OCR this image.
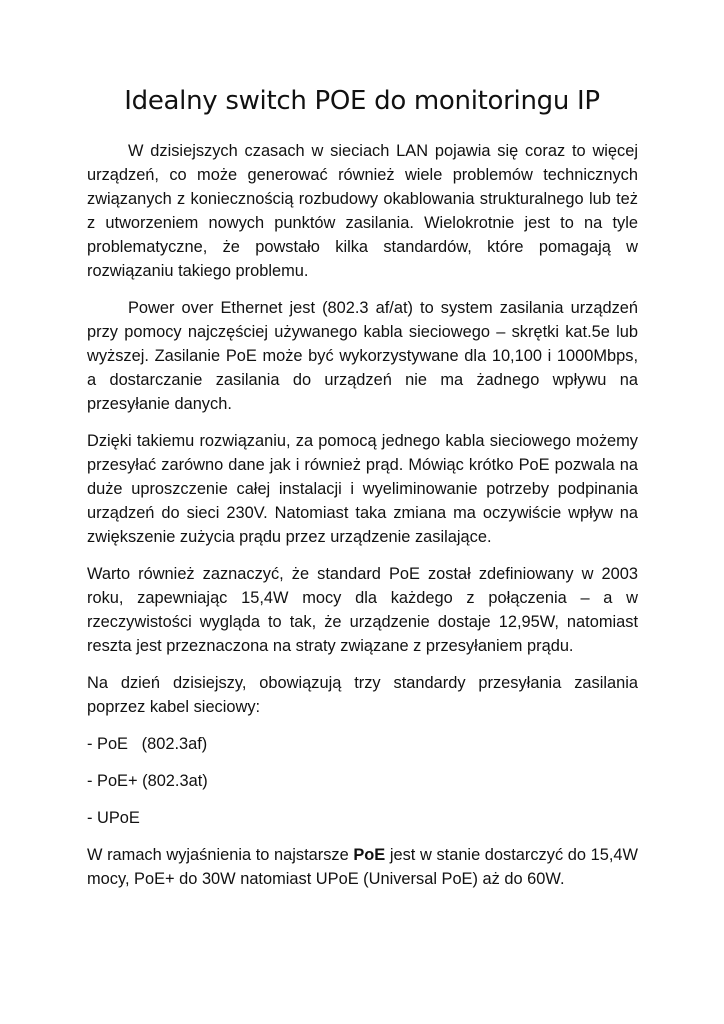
Idealny switch POE do monitoringu IP

W dzisiejszych czasach w sieciach LAN pojawia się coraz to więcej urządzeń, co może generować również wiele problemów technicznych związanych z koniecznością rozbudowy okablowania strukturalnego lub też z utworzeniem nowych punktów zasilania. Wielokrotnie jest to na tyle problematyczne, że powstało kilka standardów, które pomagają w rozwiązaniu takiego problemu.

Power over Ethernet jest (802.3 af/at) to system zasilania urządzeń przy pomocy najczęściej używanego kabla sieciowego – skrętki kat.5e lub wyższej. Zasilanie PoE może być wykorzystywane dla 10,100 i 1000Mbps, a dostarczanie zasilania do urządzeń nie ma żadnego wpływu na przesyłanie danych.

Dzięki takiemu rozwiązaniu, za pomocą jednego kabla sieciowego możemy przesyłać zarówno dane jak i również prąd. Mówiąc krótko PoE pozwala na duże uproszczenie całej instalacji i wyeliminowanie potrzeby podpinania urządzeń do sieci 230V. Natomiast taka zmiana ma oczywiście wpływ na zwiększenie zużycia prądu przez urządzenie zasilające.

Warto również zaznaczyć, że standard PoE został zdefiniowany w 2003 roku, zapewniając 15,4W mocy dla każdego z połączenia – a w rzeczywistości wygląda to tak, że urządzenie dostaje 12,95W, natomiast reszta jest przeznaczona na straty związane z przesyłaniem prądu.

Na dzień dzisiejszy, obowiązują trzy standardy przesyłania zasilania poprzez kabel sieciowy:

- PoE   (802.3af)

- PoE+ (802.3at)

- UPoE

W ramach wyjaśnienia to najstarsze PoE jest w stanie dostarczyć do 15,4W mocy, PoE+ do 30W natomiast UPoE (Universal PoE) aż do 60W.
